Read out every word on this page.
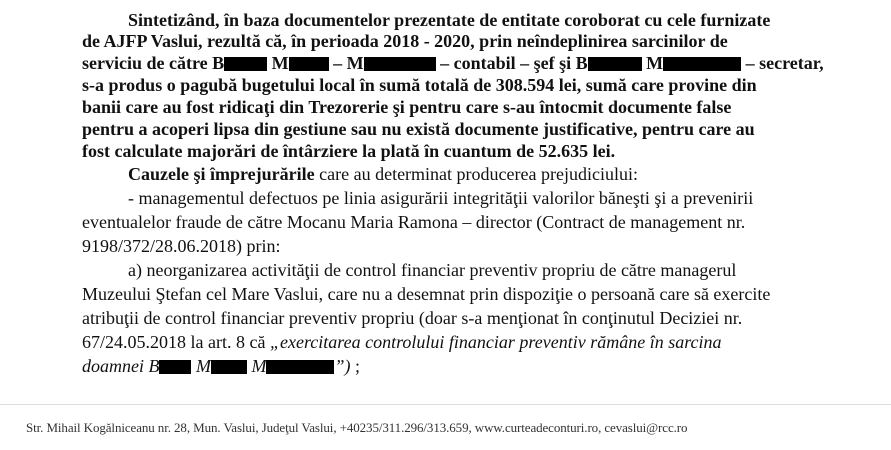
Sintetizând, în baza documentelor prezentate de entitate coroborat cu cele furnizate
de AJFP Vaslui, rezultă că, în perioada 2018 - 2020, prin neîndeplinirea sarcinilor de
serviciu de către B M – M	– contabil – şef şi B	M	– secretar,
s-a produs o pagubă bugetului local în sumă totală de 308.594 lei, sumă care provine din
banii care au fost ridicaţi din Trezorerie şi pentru care s-au întocmit documente false
pentru a acoperi lipsa din gestiune sau nu există documente justificative, pentru care au
fost calculate majorări de întârziere la plată în cuantum de 52.635 lei.
Cauzele şi împrejurările care au determinat producerea prejudiciului:
- managementul defectuos pe linia asigurării integrităţii valorilor băneşti şi a prevenirii
eventualelor fraude de către Mocanu Maria Ramona – director (Contract de management nr.
9198/372/28.06.2018) prin:
a) neorganizarea activităţii de control financiar preventiv propriu de către managerul
Muzeului Ştefan cel Mare Vaslui, care nu a desemnat prin dispoziţie o persoană care să exercite
atribuţii de control financiar preventiv propriu (doar s-a menţionat în conţinutul Deciziei nr.
67/24.05.2018 la art. 8 că „exercitarea controlului financiar preventiv rămâne în sarcina
doamnei B M M	”) ;
Str. Mihail Kogălniceanu nr. 28, Mun. Vaslui, Judeţul Vaslui, +40235/311.296/313.659, www.curteadeconturi.ro, cevaslui@rcc.ro
